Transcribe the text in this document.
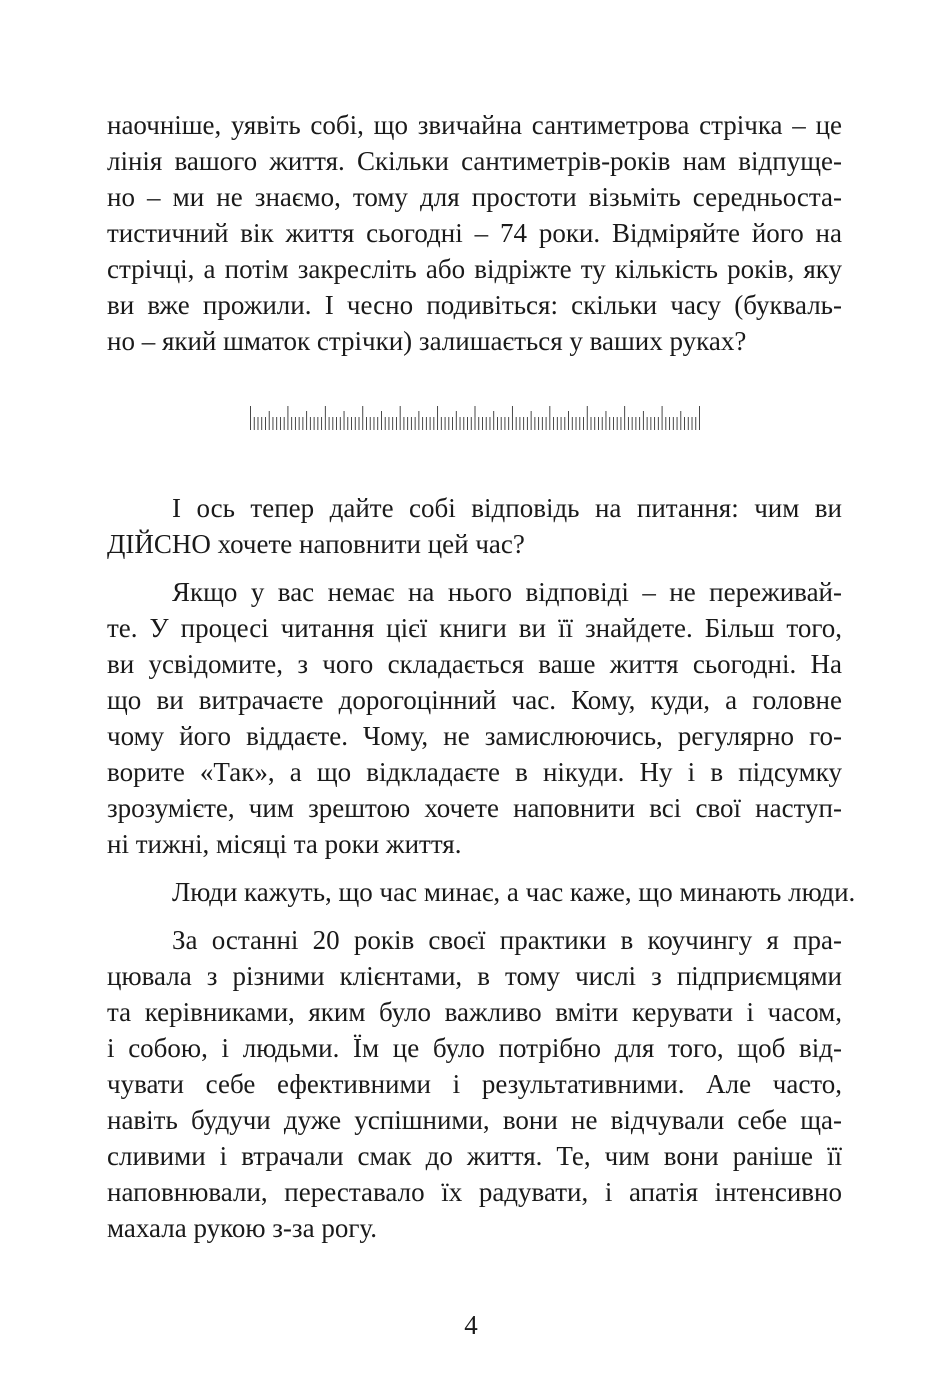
наочніше, уявіть собі, що звичайна сантиметрова стрічка – це
лінія вашого життя. Скільки сантиметрів-років нам відпуще-
но – ми не знаємо, тому для простоти візьміть середньоста-
тистичний вік життя сьогодні – 74 роки. Відміряйте його на
стрічці, а потім закресліть або відріжте ту кількість років, яку
ви вже прожили. І чесно подивіться: скільки часу (букваль-
но – який шматок стрічки) залишається у ваших руках?
І ось тепер дайте собі відповідь на питання: чим ви
ДІЙСНО хочете наповнити цей час?
Якщо у вас немає на нього відповіді – не переживай-
те. У процесі читання цієї книги ви її знайдете. Більш того,
ви усвідомите, з чого складається ваше життя сьогодні. На
що ви витрачаєте дорогоцінний час. Кому, куди, а головне
чому його віддаєте. Чому, не замислюючись, регулярно го-
ворите «Так», а що відкладаєте в нікуди. Ну і в підсумку
зрозумієте, чим зрештою хочете наповнити всі свої наступ-
ні тижні, місяці та роки життя.
Люди кажуть, що час минає, а час каже, що минають люди.
За останні 20 років своєї практики в коучингу я пра-
цювала з різними клієнтами, в тому числі з підприємцями
та керівниками, яким було важливо вміти керувати і часом,
і собою, і людьми. Їм це було потрібно для того, щоб від-
чувати себе ефективними і результативними. Але часто,
навіть будучи дуже успішними, вони не відчували себе ща-
сливими і втрачали смак до життя. Те, чим вони раніше її
наповнювали, переставало їх радувати, і апатія інтенсивно
махала рукою з-за рогу.
4
